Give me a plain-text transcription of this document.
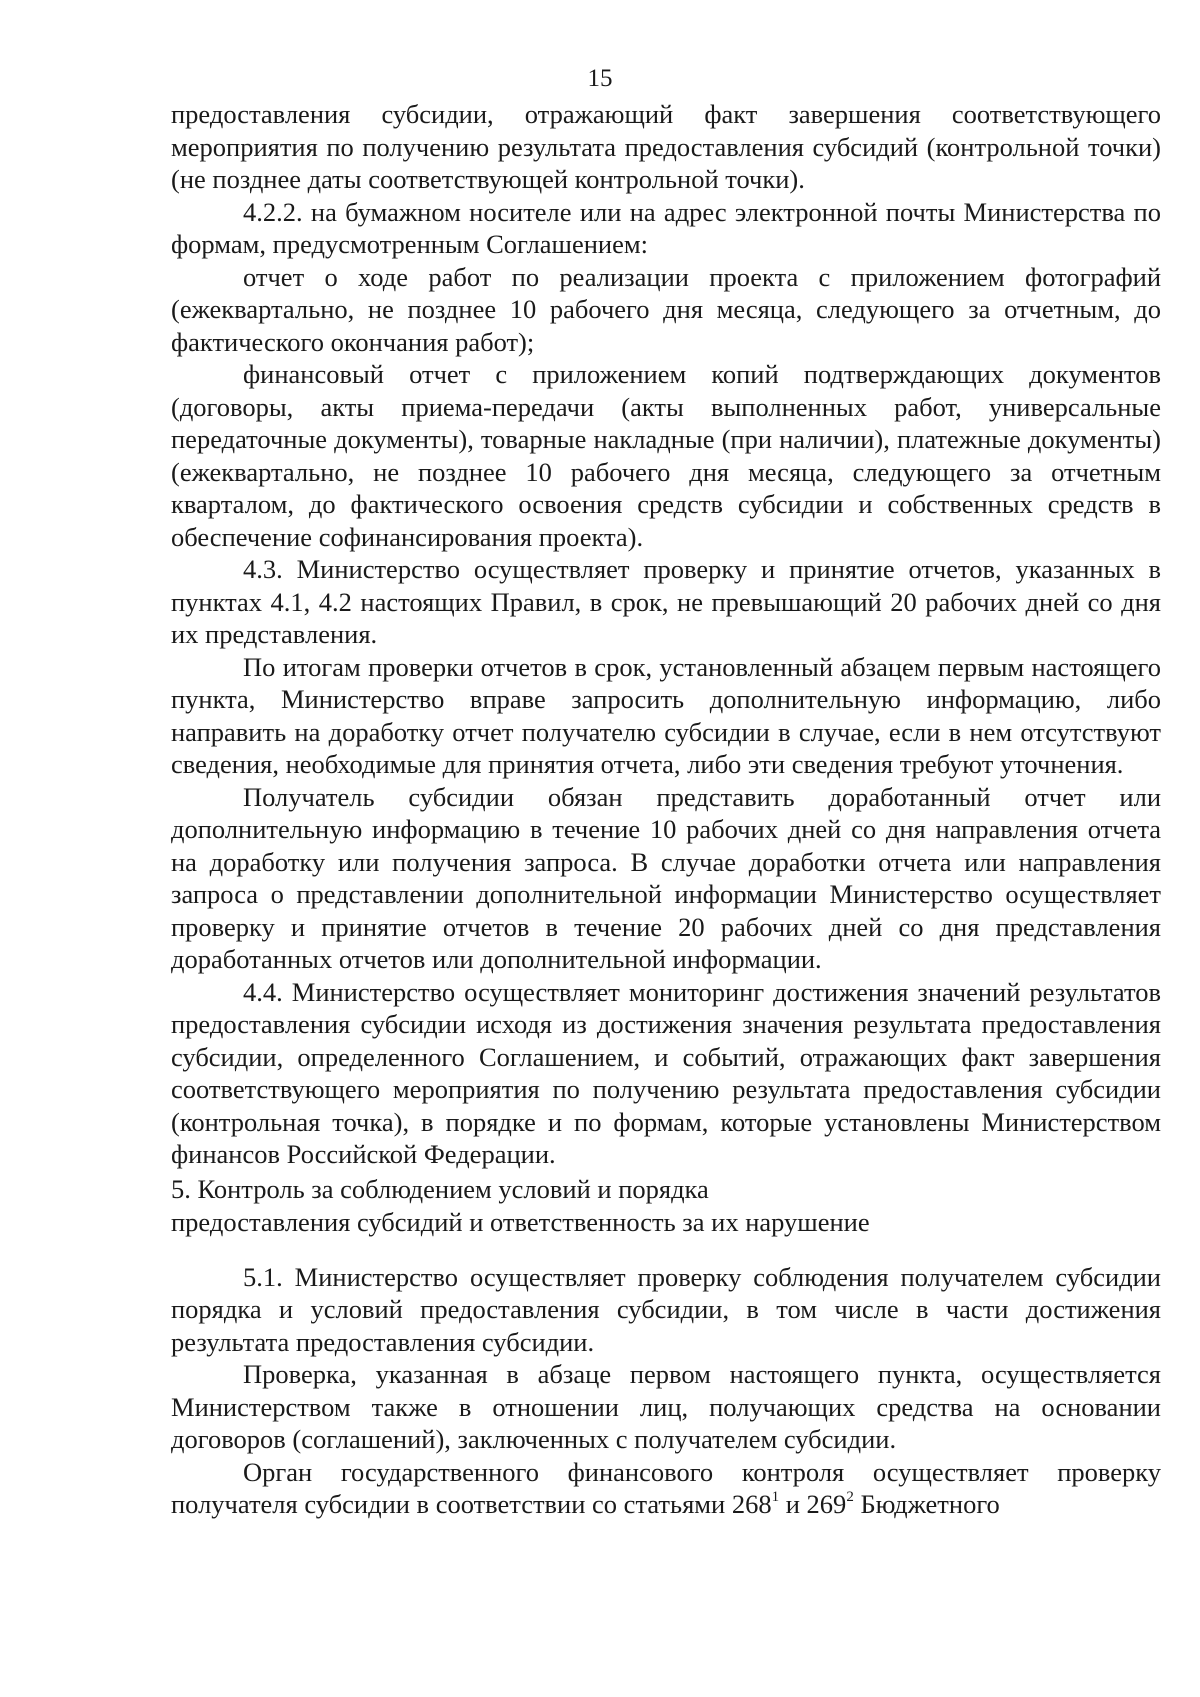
15

предоставления субсидии, отражающий факт завершения соответствующего мероприятия по получению результата предоставления субсидий (контрольной точки) (не позднее даты соответствующей контрольной точки).

4.2.2. на бумажном носителе или на адрес электронной почты Министерства по формам, предусмотренным Соглашением:

отчет о ходе работ по реализации проекта с приложением фотографий (ежеквартально, не позднее 10 рабочего дня месяца, следующего за отчетным, до фактического окончания работ);

финансовый отчет с приложением копий подтверждающих документов (договоры, акты приема-передачи (акты выполненных работ, универсальные передаточные документы), товарные накладные (при наличии), платежные документы) (ежеквартально, не позднее 10 рабочего дня месяца, следующего за отчетным кварталом, до фактического освоения средств субсидии и собственных средств в обеспечение софинансирования проекта).

4.3. Министерство осуществляет проверку и принятие отчетов, указанных в пунктах 4.1, 4.2 настоящих Правил, в срок, не превышающий 20 рабочих дней со дня их представления.

По итогам проверки отчетов в срок, установленный абзацем первым настоящего пункта, Министерство вправе запросить дополнительную информацию, либо направить на доработку отчет получателю субсидии в случае, если в нем отсутствуют сведения, необходимые для принятия отчета, либо эти сведения требуют уточнения.

Получатель субсидии обязан представить доработанный отчет или дополнительную информацию в течение 10 рабочих дней со дня направления отчета на доработку или получения запроса. В случае доработки отчета или направления запроса о представлении дополнительной информации Министерство осуществляет проверку и принятие отчетов в течение 20 рабочих дней со дня представления доработанных отчетов или дополнительной информации.

4.4. Министерство осуществляет мониторинг достижения значений результатов предоставления субсидии исходя из достижения значения результата предоставления субсидии, определенного Соглашением, и событий, отражающих факт завершения соответствующего мероприятия по получению результата предоставления субсидии (контрольная точка), в порядке и по формам, которые установлены Министерством финансов Российской Федерации.

5. Контроль за соблюдением условий и порядка

предоставления субсидий и ответственность за их нарушение

5.1. Министерство осуществляет проверку соблюдения получателем субсидии порядка и условий предоставления субсидии, в том числе в части достижения результата предоставления субсидии.

Проверка, указанная в абзаце первом настоящего пункта, осуществляется Министерством также в отношении лиц, получающих средства на основании договоров (соглашений), заключенных с получателем субсидии.

Орган государственного финансового контроля осуществляет проверку получателя субсидии в соответствии со статьями $268^1$ и $269^2$ Бюджетного
